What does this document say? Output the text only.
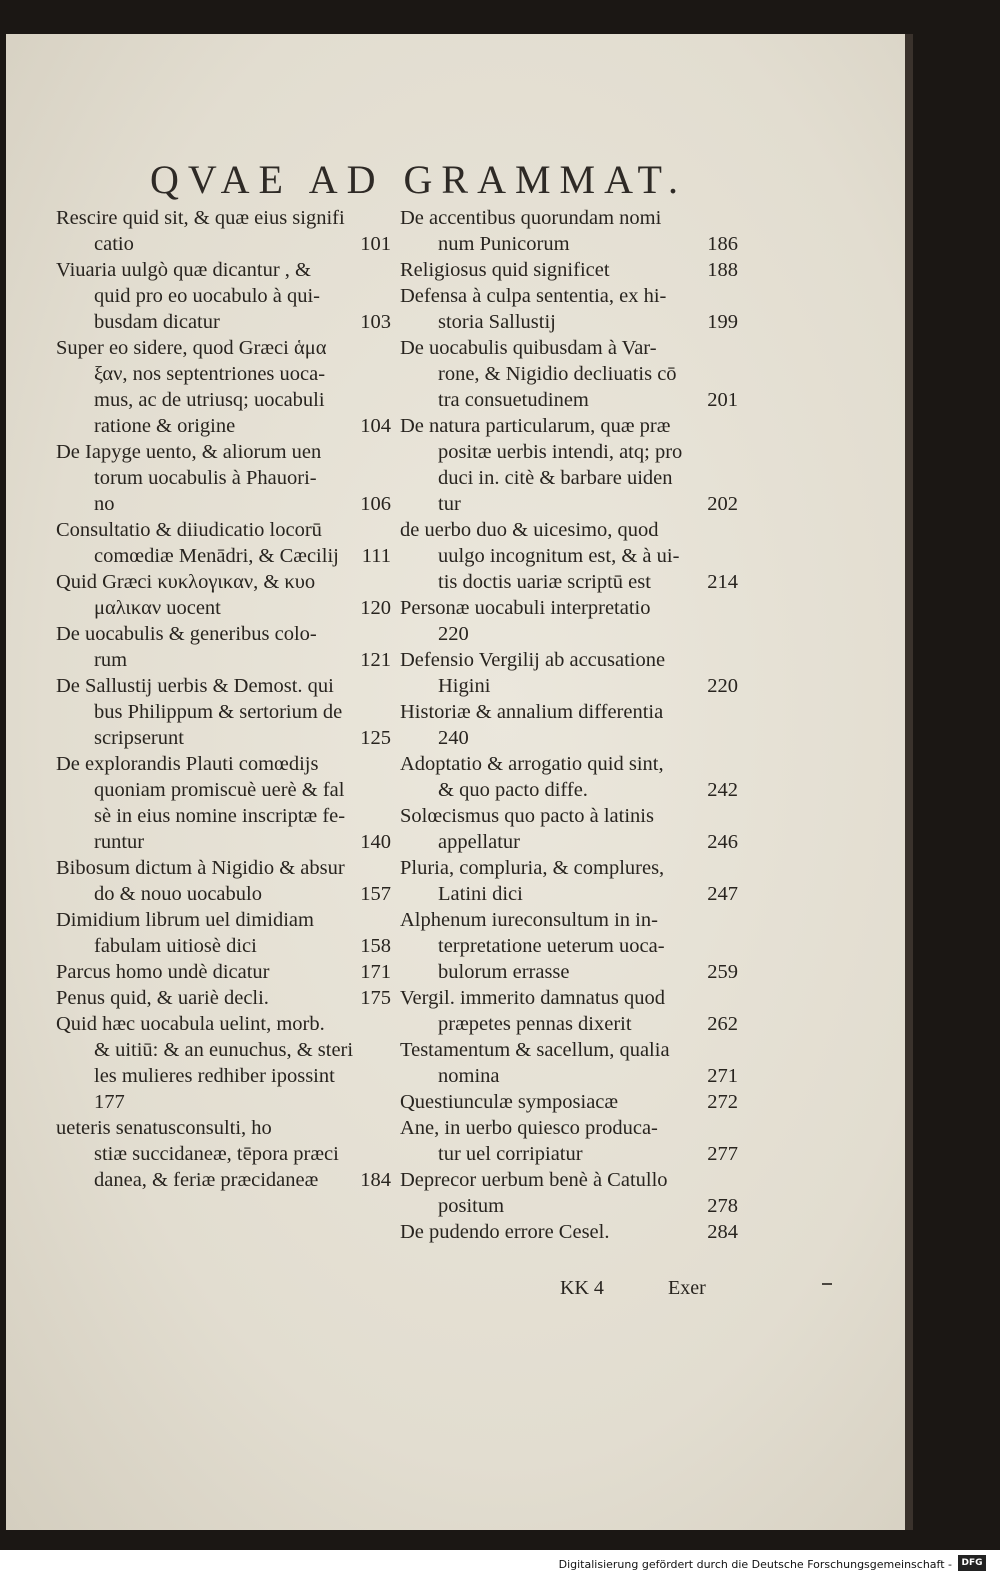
QVAE AD GRAMMAT.
Rescire quid sit, & quæ eius signifi
catio	101
Viuaria uulgò quæ dicantur , &
quid pro eo uocabulo à qui-
busdam dicatur	103
Super eo sidere, quod Græci ἁμα
ξαν, nos septentriones uoca-
mus, ac de utriusq; uocabuli
ratione & origine	104
De Iapyge uento, & aliorum uen
torum uocabulis à Phauori-
no	106
Consultatio & diiudicatio locorū
comœdiæ Menādri, & Cæcilij 111
Quid Græci κυκλογικαν, & κυο
μαλικαν uocent	120
De uocabulis & generibus colo-
rum	121
De Sallustij uerbis & Demost. qui
bus Philippum & sertorium de
scripserunt	125
De explorandis Plauti comœdijs
quoniam promiscuè uerè & fal
sè in eius nomine inscriptæ fe-
runtur	140
Bibosum dictum à Nigidio & absur
do & nouo uocabulo	157
Dimidium librum uel dimidiam
fabulam uitiosè dici	158
Parcus homo undè dicatur	171
Penus quid, & uariè decli.	175
Quid hæc uocabula uelint, morb.
& uitiū: & an eunuchus, & steri
les mulieres redhiber ipossint
177
ueteris senatusconsulti, ho
stiæ succidaneæ, tēpora præci
danea, & feriæ præcidaneæ 184
De accentibus quorundam nomi
num Punicorum	186
Religiosus quid significet	188
Defensa à culpa sententia, ex hi-
storia Sallustij	199
De uocabulis quibusdam à Var-
rone, & Nigidio decliuatis cō
tra consuetudinem	201
De natura particularum, quæ præ
positæ uerbis intendi, atq; pro
duci in. citè & barbare uiden
tur	202
de uerbo duo & uicesimo, quod
uulgo incognitum est, & à ui-
tis doctis uariæ scriptū est	214
Personæ uocabuli interpretatio
220
Defensio Vergilij ab accusatione
Higini	220
Historiæ & annalium differentia
240
Adoptatio & arrogatio quid sint,
& quo pacto diffe.	242
Solœcismus quo pacto à latinis
appellatur	246
Pluria, compluria, & complures,
Latini dici	247
Alphenum iureconsultum in in-
terpretatione ueterum uoca-
bulorum errasse	259
Vergil. immerito damnatus quod
præpetes pennas dixerit	262
Testamentum & sacellum, qualia
nomina	271
Questiunculæ symposiacæ	272
Ane, in uerbo quiesco produca-
tur uel corripiatur	277
Deprecor uerbum benè à Catullo
positum	278
De pudendo errore Cesel.	284
KK 4	Exer
Digitalisierung gefördert durch die Deutsche Forschungsgemeinschaft -	DFG
